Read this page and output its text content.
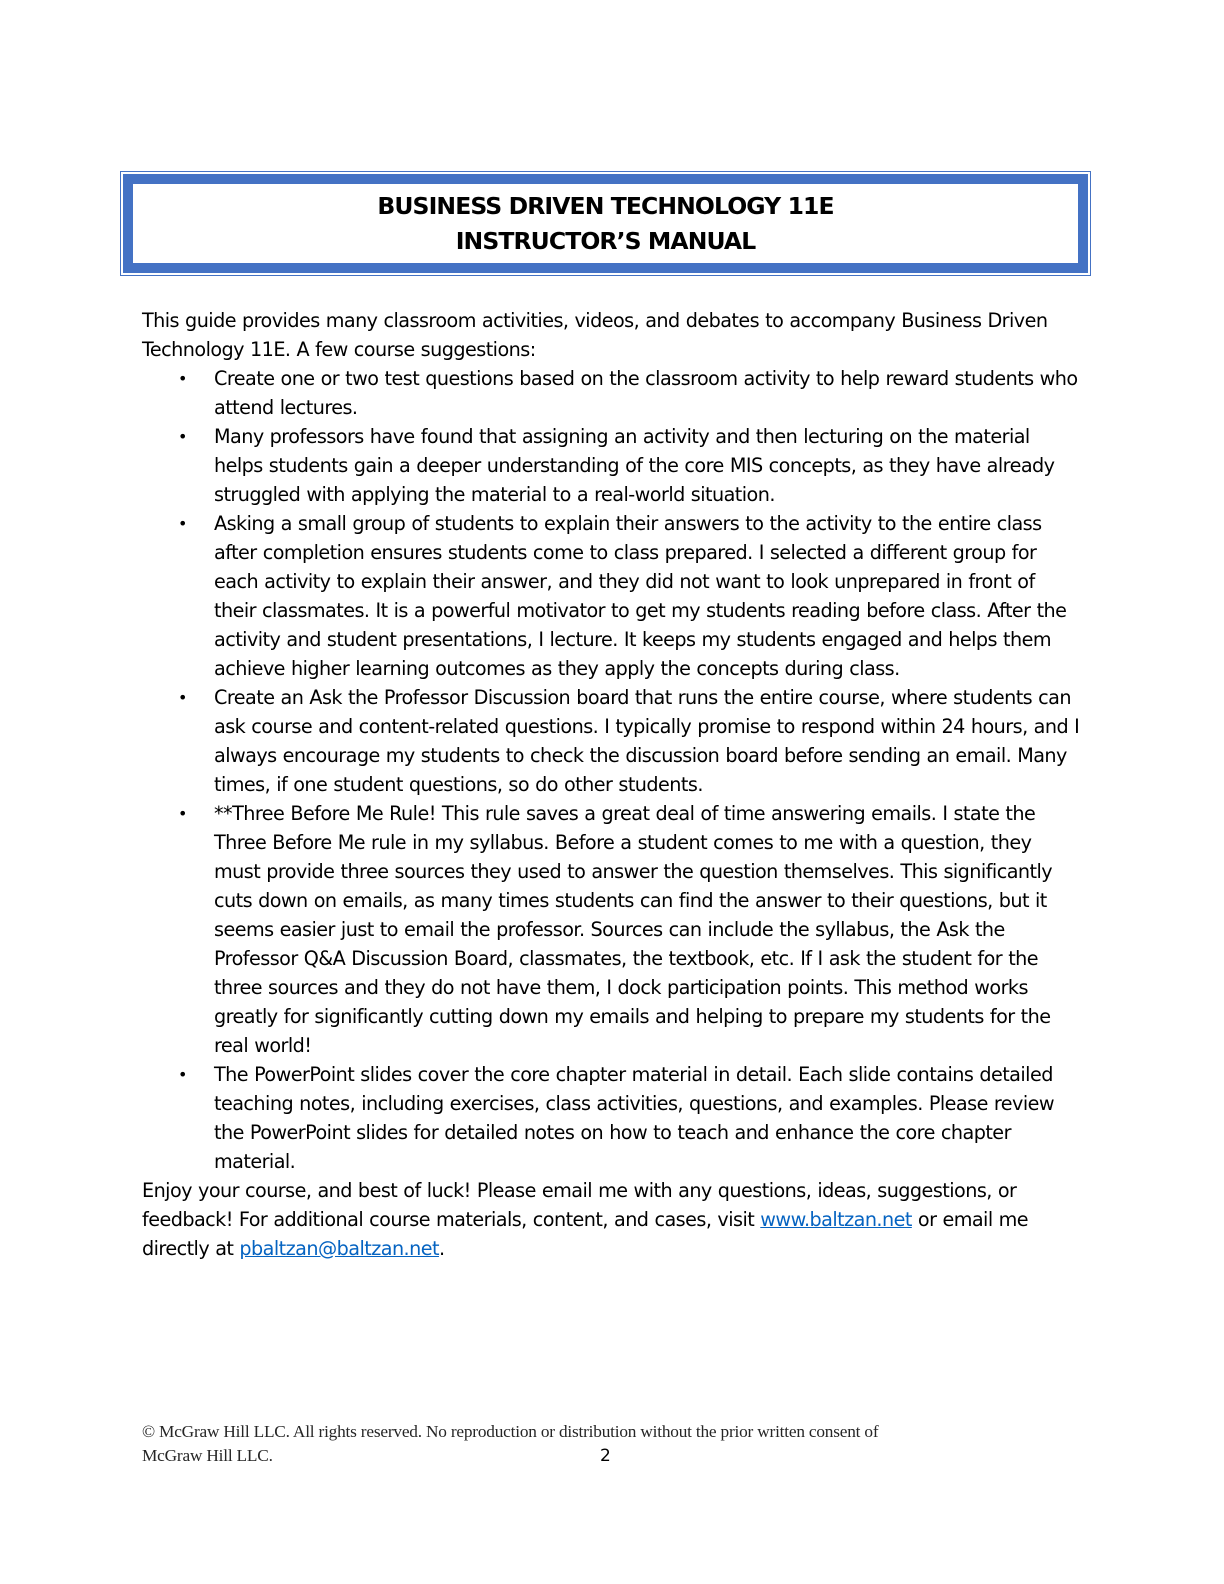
BUSINESS DRIVEN TECHNOLOGY 11E
INSTRUCTOR’S MANUAL

This guide provides many classroom activities, videos, and debates to accompany Business Driven Technology 11E. A few course suggestions:

• Create one or two test questions based on the classroom activity to help reward students who attend lectures.
• Many professors have found that assigning an activity and then lecturing on the material helps students gain a deeper understanding of the core MIS concepts, as they have already struggled with applying the material to a real-world situation.
• Asking a small group of students to explain their answers to the activity to the entire class after completion ensures students come to class prepared. I selected a different group for each activity to explain their answer, and they did not want to look unprepared in front of their classmates. It is a powerful motivator to get my students reading before class. After the activity and student presentations, I lecture. It keeps my students engaged and helps them achieve higher learning outcomes as they apply the concepts during class.
• Create an Ask the Professor Discussion board that runs the entire course, where students can ask course and content-related questions. I typically promise to respond within 24 hours, and I always encourage my students to check the discussion board before sending an email. Many times, if one student questions, so do other students.
• **Three Before Me Rule! This rule saves a great deal of time answering emails. I state the Three Before Me rule in my syllabus. Before a student comes to me with a question, they must provide three sources they used to answer the question themselves. This significantly cuts down on emails, as many times students can find the answer to their questions, but it seems easier just to email the professor. Sources can include the syllabus, the Ask the Professor Q&A Discussion Board, classmates, the textbook, etc. If I ask the student for the three sources and they do not have them, I dock participation points. This method works greatly for significantly cutting down my emails and helping to prepare my students for the real world!
• The PowerPoint slides cover the core chapter material in detail. Each slide contains detailed teaching notes, including exercises, class activities, questions, and examples. Please review the PowerPoint slides for detailed notes on how to teach and enhance the core chapter material.

Enjoy your course, and best of luck! Please email me with any questions, ideas, suggestions, or feedback! For additional course materials, content, and cases, visit www.baltzan.net or email me directly at pbaltzan@baltzan.net.

© McGraw Hill LLC. All rights reserved. No reproduction or distribution without the prior written consent of
McGraw Hill LLC.	2
